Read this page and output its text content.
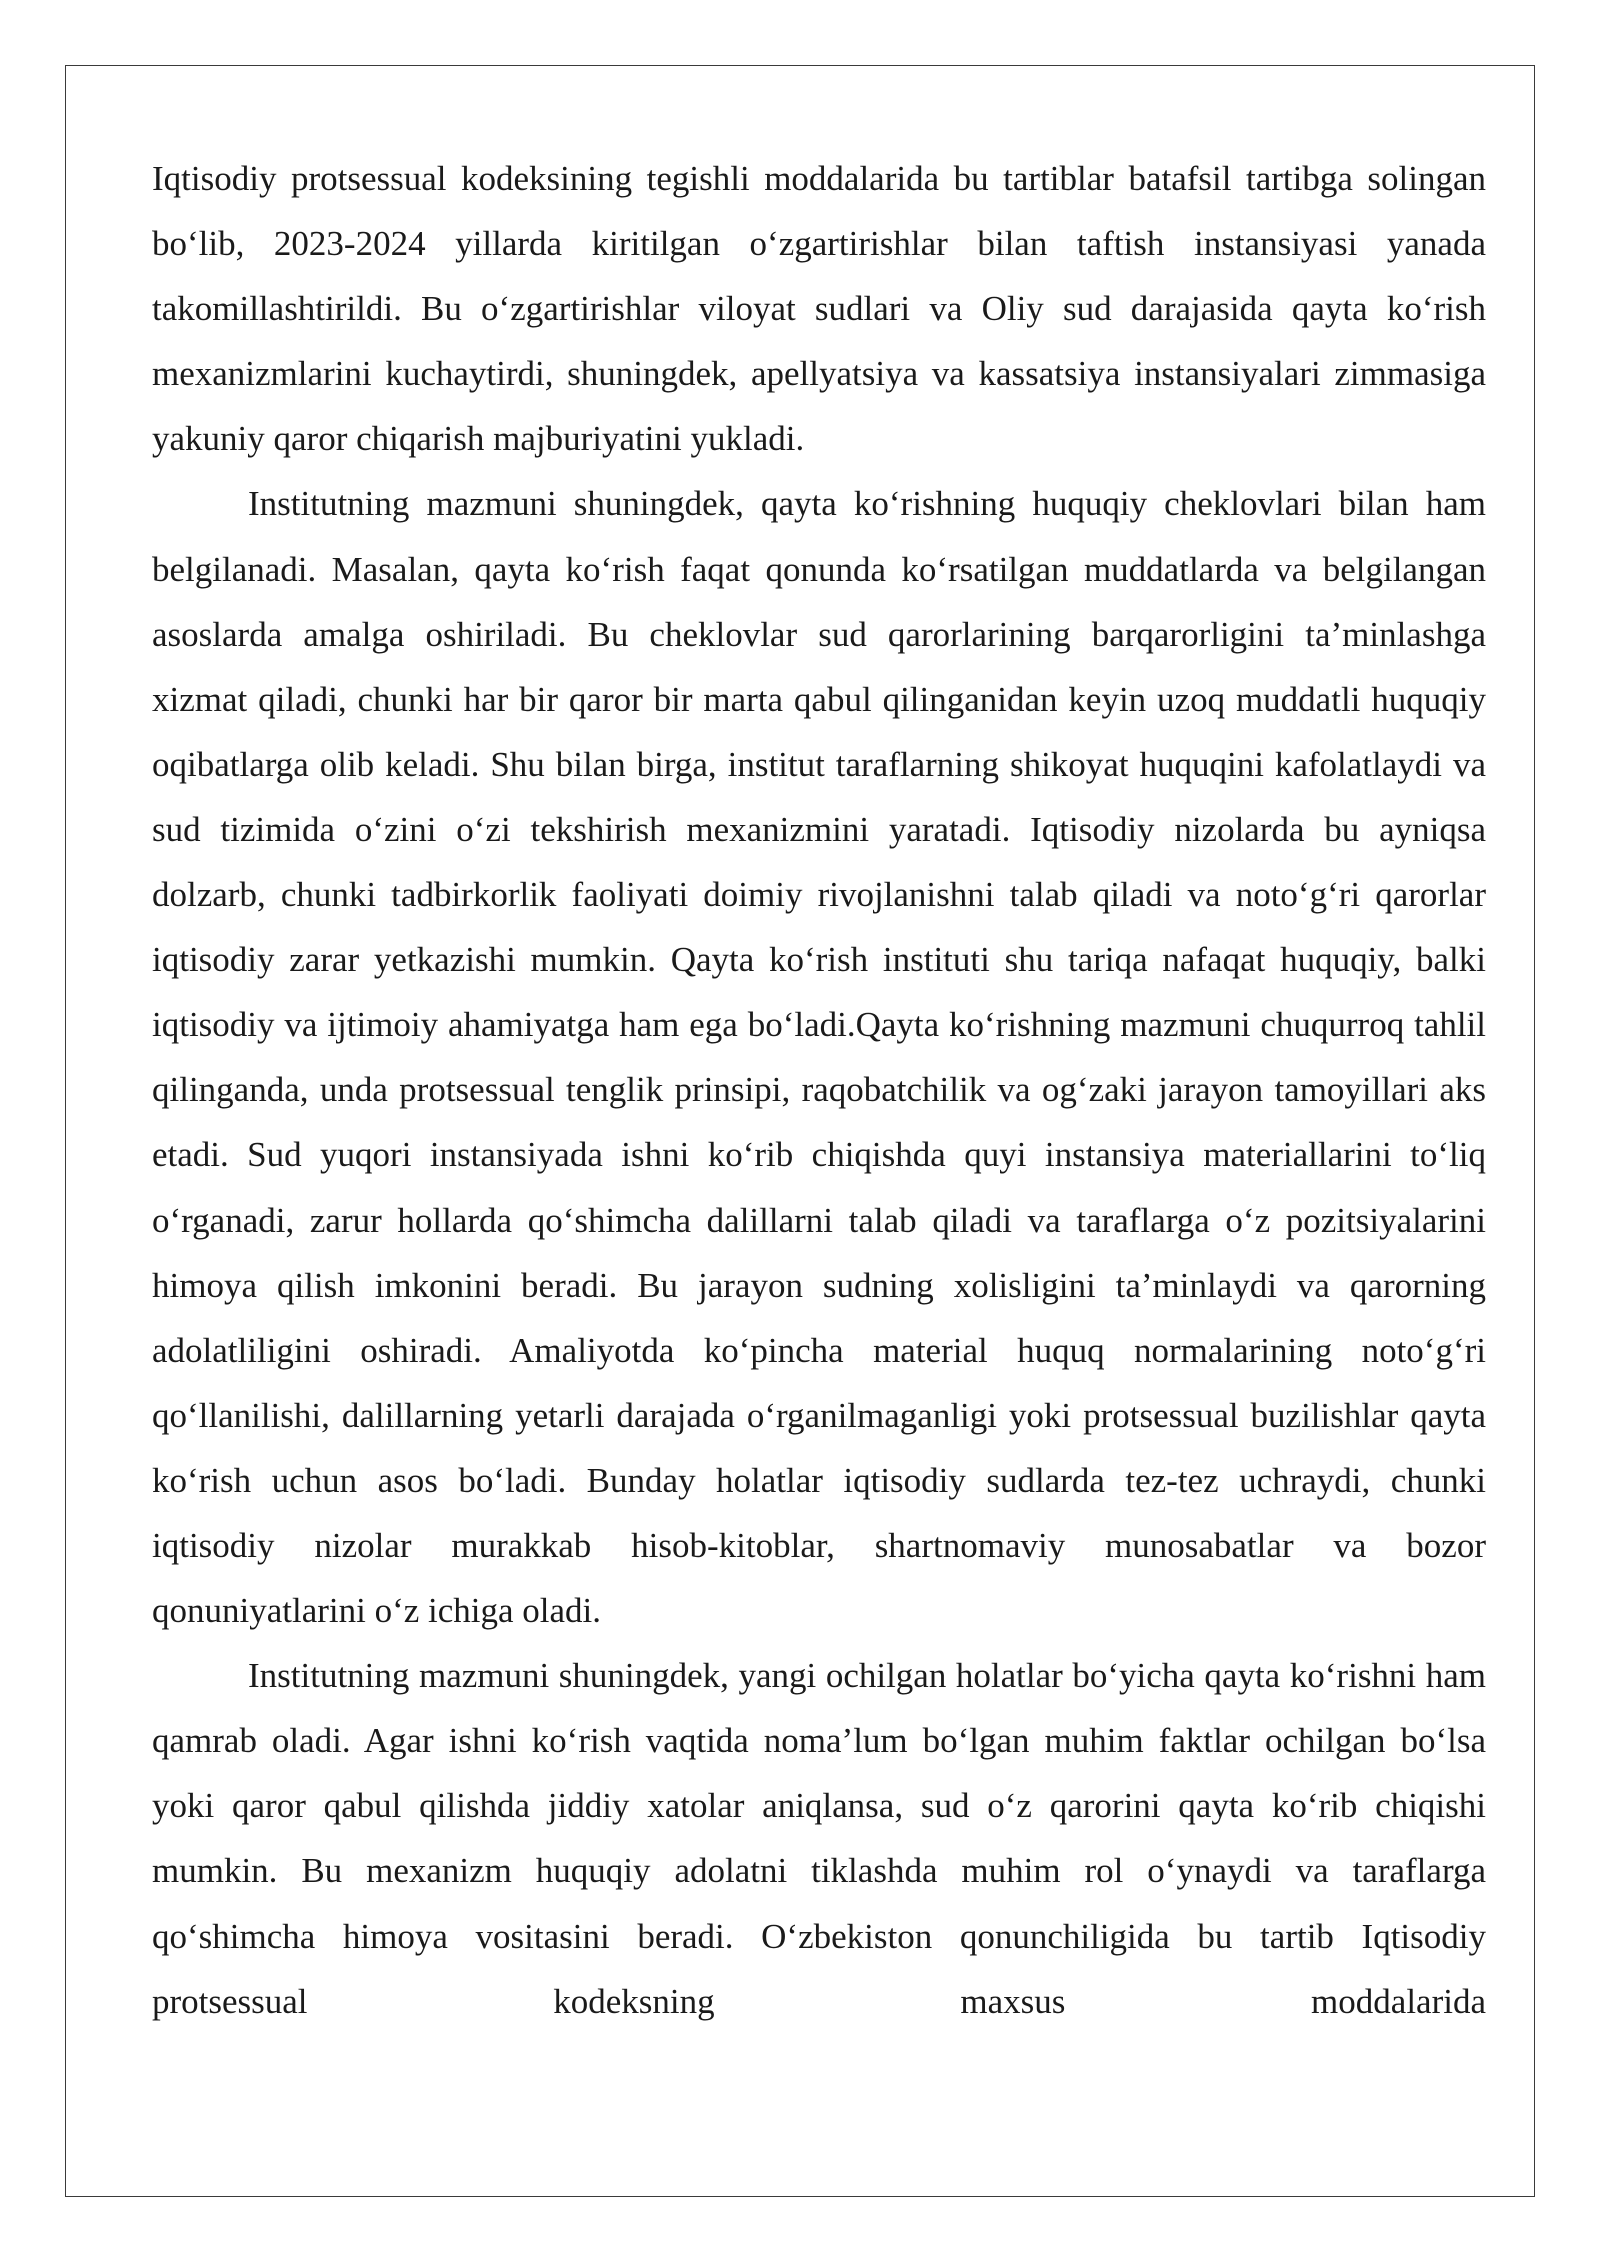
Iqtisodiy protsessual kodeksining tegishli moddalarida bu tartiblar batafsil tartibga solingan bo‘lib, 2023-2024 yillarda kiritilgan o‘zgartirishlar bilan taftish instansiyasi yanada takomillashtirildi. Bu o‘zgartirishlar viloyat sudlari va Oliy sud darajasida qayta ko‘rish mexanizmlarini kuchaytirdi, shuningdek, apellyatsiya va kassatsiya instansiyalari zimmasiga yakuniy qaror chiqarish majburiyatini yukladi.

Institutning mazmuni shuningdek, qayta ko‘rishning huquqiy cheklovlari bilan ham belgilanadi. Masalan, qayta ko‘rish faqat qonunda ko‘rsatilgan muddatlarda va belgilangan asoslarda amalga oshiriladi. Bu cheklovlar sud qarorlarining barqarorligini ta’minlashga xizmat qiladi, chunki har bir qaror bir marta qabul qilinganidan keyin uzoq muddatli huquqiy oqibatlarga olib keladi. Shu bilan birga, institut taraflarning shikoyat huquqini kafolatlaydi va sud tizimida o‘zini o‘zi tekshirish mexanizmini yaratadi. Iqtisodiy nizolarda bu ayniqsa dolzarb, chunki tadbirkorlik faoliyati doimiy rivojlanishni talab qiladi va noto‘g‘ri qarorlar iqtisodiy zarar yetkazishi mumkin. Qayta ko‘rish instituti shu tariqa nafaqat huquqiy, balki iqtisodiy va ijtimoiy ahamiyatga ham ega bo‘ladi.Qayta ko‘rishning mazmuni chuqurroq tahlil qilinganda, unda protsessual tenglik prinsipi, raqobatchilik va og‘zaki jarayon tamoyillari aks etadi. Sud yuqori instansiyada ishni ko‘rib chiqishda quyi instansiya materiallarini to‘liq o‘rganadi, zarur hollarda qo‘shimcha dalillarni talab qiladi va taraflarga o‘z pozitsiyalarini himoya qilish imkonini beradi. Bu jarayon sudning xolisligini ta’minlaydi va qarorning adolatliligini oshiradi. Amaliyotda ko‘pincha material huquq normalarining noto‘g‘ri qo‘llanilishi, dalillarning yetarli darajada o‘rganilmaganligi yoki protsessual buzilishlar qayta ko‘rish uchun asos bo‘ladi. Bunday holatlar iqtisodiy sudlarda tez-tez uchraydi, chunki iqtisodiy nizolar murakkab hisob-kitoblar, shartnomaviy munosabatlar va bozor qonuniyatlarini o‘z ichiga oladi.

Institutning mazmuni shuningdek, yangi ochilgan holatlar bo‘yicha qayta ko‘rishni ham qamrab oladi. Agar ishni ko‘rish vaqtida noma’lum bo‘lgan muhim faktlar ochilgan bo‘lsa yoki qaror qabul qilishda jiddiy xatolar aniqlansa, sud o‘z qarorini qayta ko‘rib chiqishi mumkin. Bu mexanizm huquqiy adolatni tiklashda muhim rol o‘ynaydi va taraflarga qo‘shimcha himoya vositasini beradi. O‘zbekiston qonunchiligida bu tartib Iqtisodiy protsessual kodeksning maxsus moddalarida
